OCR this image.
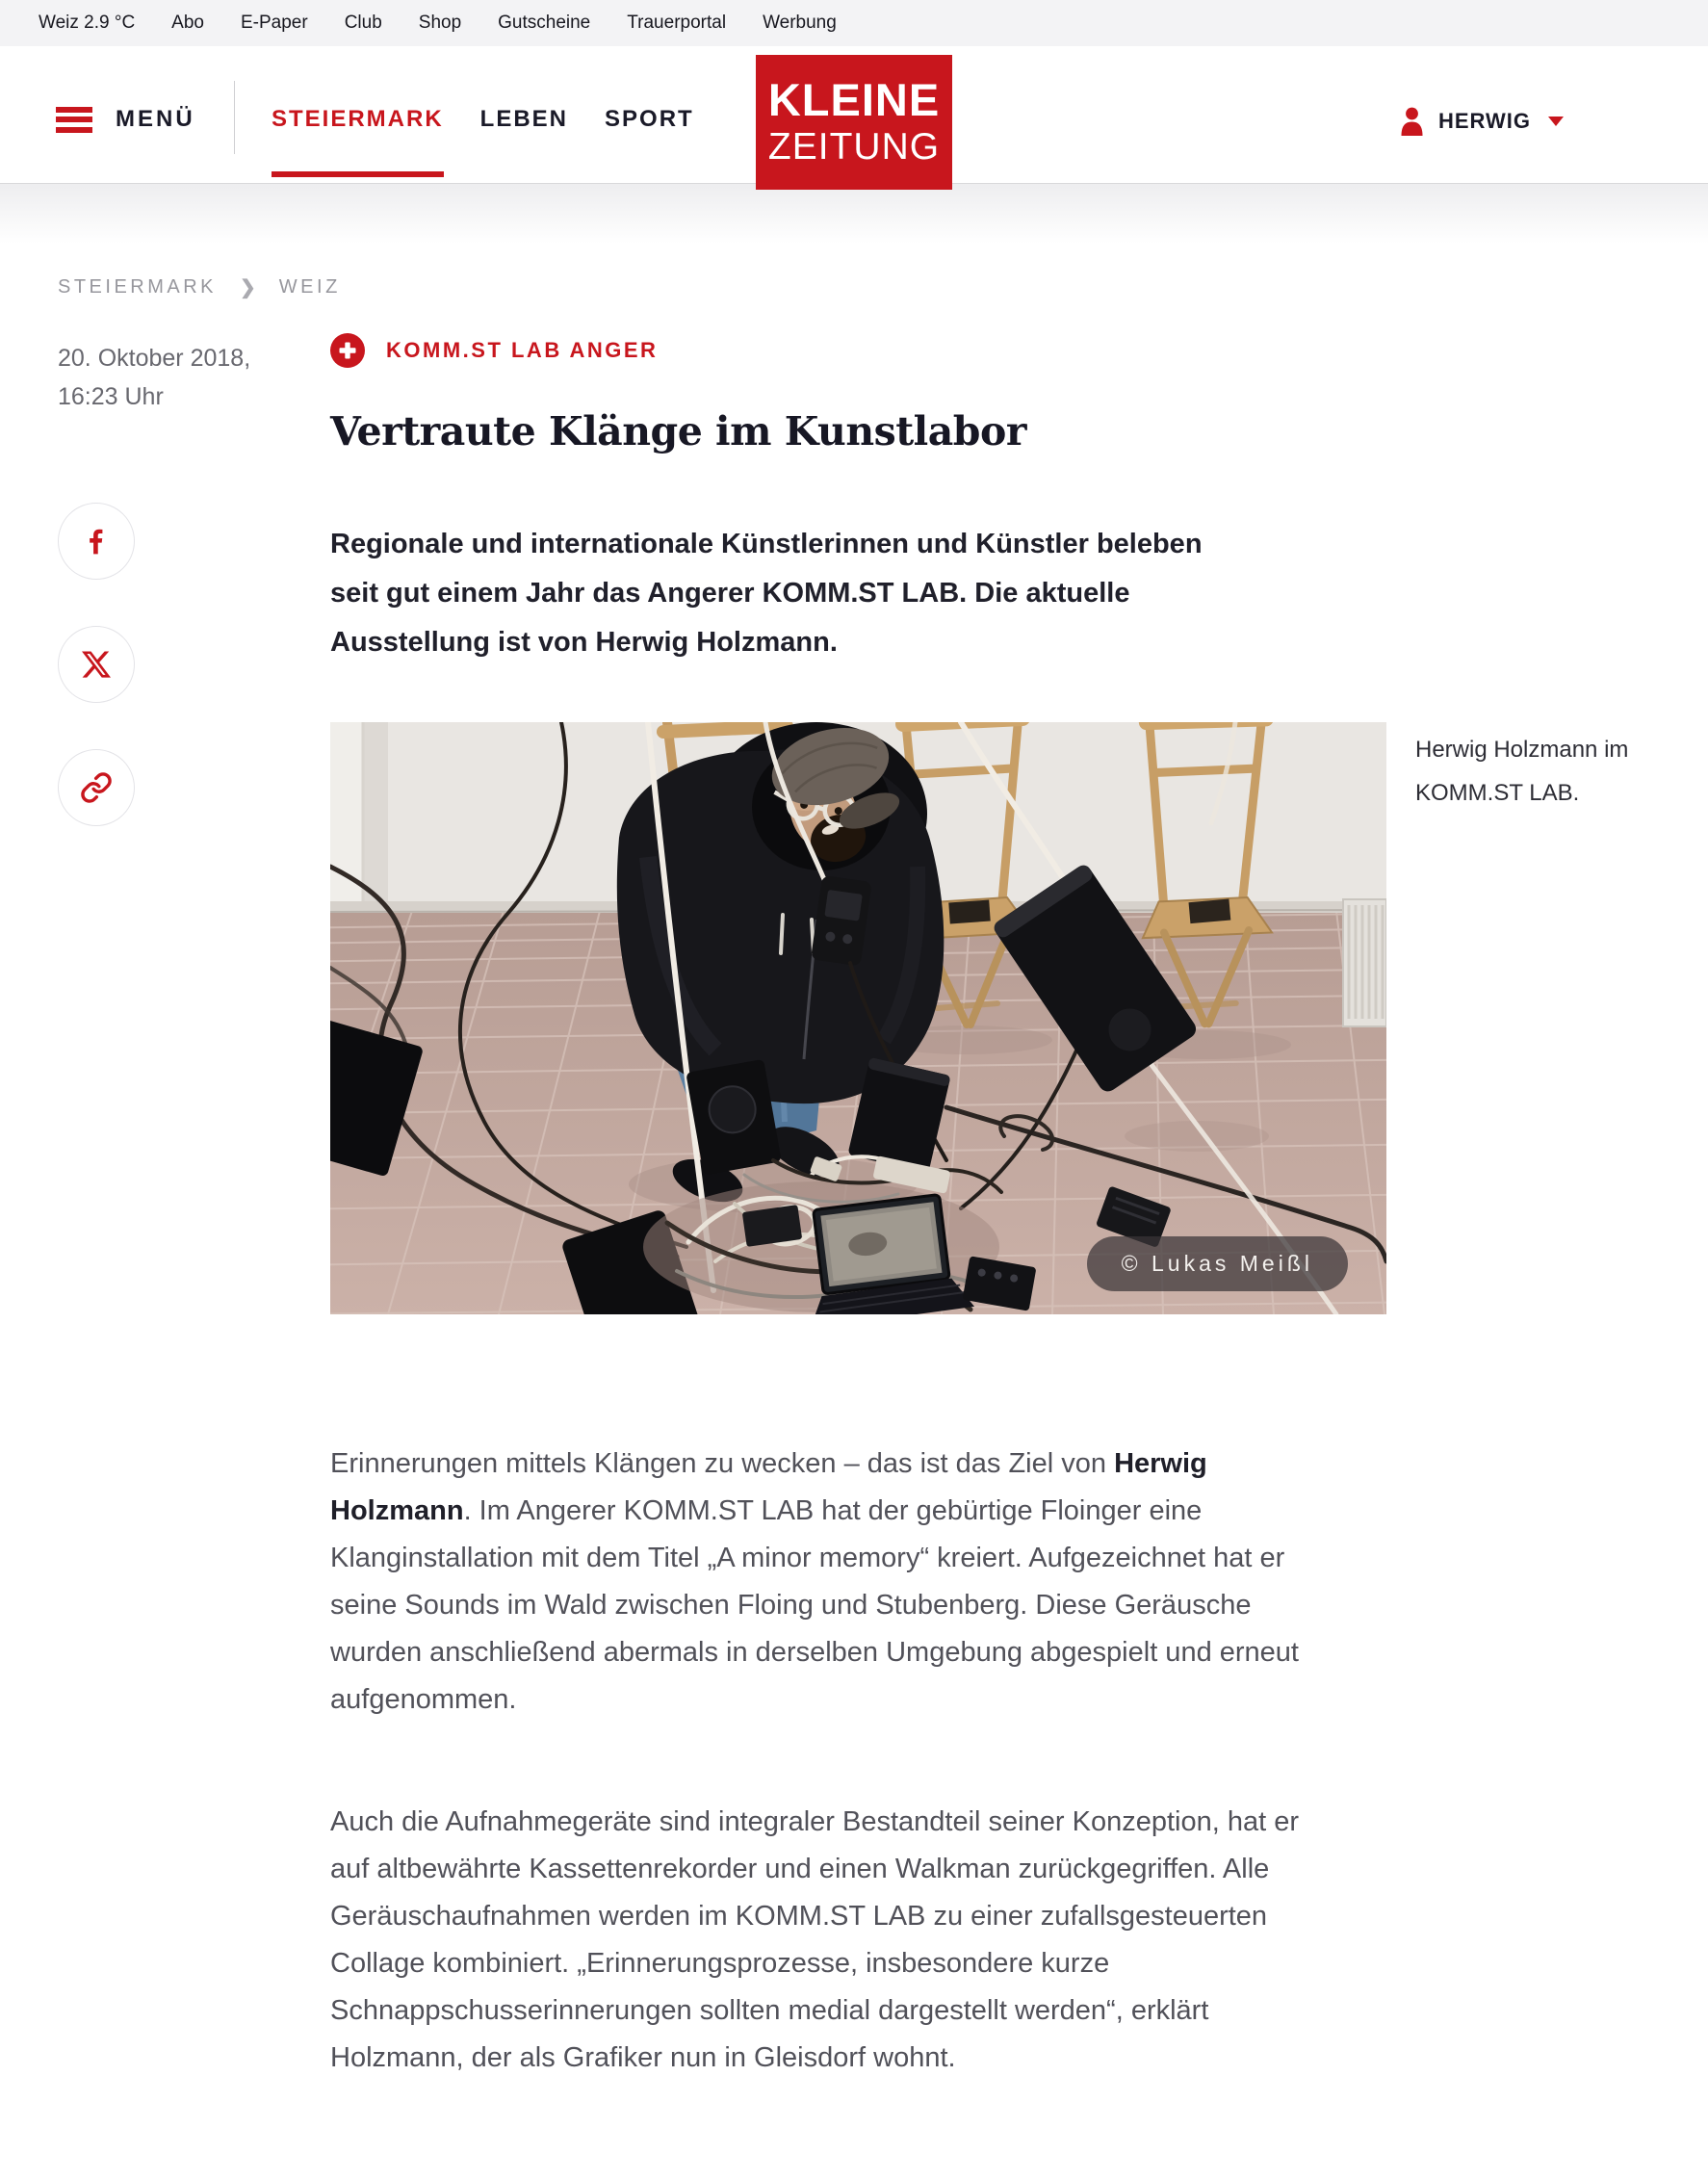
Weiz 2.9 °C Abo E-Paper Club Shop Gutscheine Trauerportal Werbung
MENÜ	STEIERMARK LEBEN SPORT KLEINE
ZEITUNG
HERWIG
STEIERMARK ❯ WEIZ
20. Oktober 2018,
16:23 Uhr
KOMM.ST LAB ANGER
Vertraute Klänge im Kunstlabor

Regionale und internationale Künstlerinnen und Künstler beleben seit gut einem Jahr das Angerer KOMM.ST LAB. Die aktuelle Ausstellung ist von Herwig Holzmann.

© Lukas Meißl
Herwig Holzmann im KOMM.ST LAB.

Erinnerungen mittels Klängen zu wecken – das ist das Ziel von Herwig Holzmann. Im Angerer KOMM.ST LAB hat der gebürtige Floinger eine Klanginstallation mit dem Titel „A minor memory“ kreiert. Aufgezeichnet hat er seine Sounds im Wald zwischen Floing und Stubenberg. Diese Geräusche wurden anschließend abermals in derselben Umgebung abgespielt und erneut aufgenommen.

Auch die Aufnahmegeräte sind integraler Bestandteil seiner Konzeption, hat er auf altbewährte Kassettenrekorder und einen Walkman zurückgegriffen. Alle Geräuschaufnahmen werden im KOMM.ST LAB zu einer zufallsgesteuerten Collage kombiniert. „Erinnerungsprozesse, insbesondere kurze Schnappschusserinnerungen sollten medial dargestellt werden“, erklärt Holzmann, der als Grafiker nun in Gleisdorf wohnt.
